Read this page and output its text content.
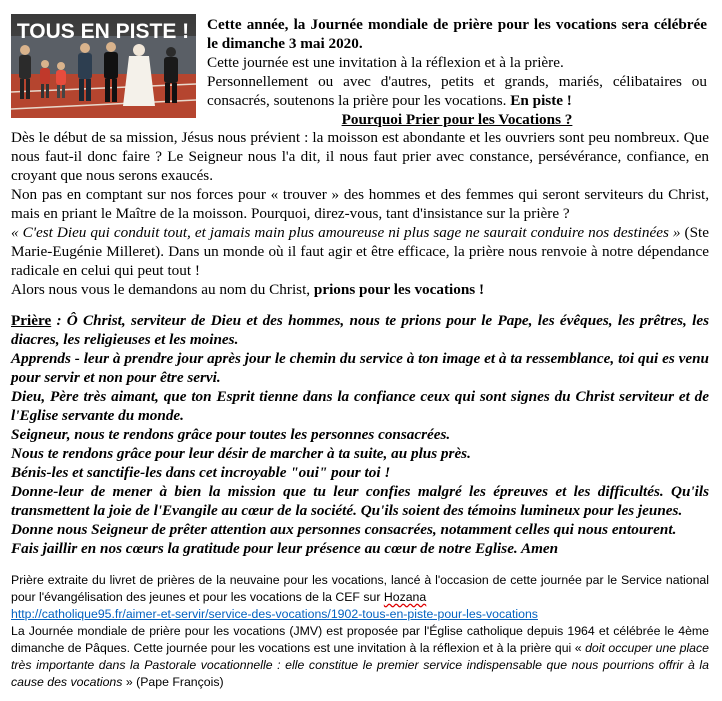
TOUS EN PISTE ! Cette année, la Journée mondiale de prière pour les vocations sera célébrée le dimanche 3 mai 2020.

Cette journée est une invitation à la réflexion et à la prière.

Personnellement ou avec d'autres, petits et grands, mariés, célibataires ou consacrés, soutenons la prière pour les vocations. En piste !

Pourquoi Prier pour les Vocations ?

Dès le début de sa mission, Jésus nous prévient : la moisson est abondante et les ouvriers sont peu nombreux. Que nous faut-il donc faire ? Le Seigneur nous l'a dit, il nous faut prier avec constance, persévérance, confiance, en croyant que nous serons exaucés.

Non pas en comptant sur nos forces pour « trouver » des hommes et des femmes qui seront serviteurs du Christ, mais en priant le Maître de la moisson. Pourquoi, direz-vous, tant d'insistance sur la prière ?

« C'est Dieu qui conduit tout, et jamais main plus amoureuse ni plus sage ne saurait conduire nos destinées » (Ste Marie-Eugénie Milleret). Dans un monde où il faut agir et être efficace, la prière nous renvoie à notre dépendance radicale en celui qui peut tout !

Alors nous vous le demandons au nom du Christ, prions pour les vocations !

Prière : Ô Christ, serviteur de Dieu et des hommes, nous te prions pour le Pape, les évêques, les prêtres, les diacres, les religieuses et les moines.

Apprends - leur à prendre jour après jour le chemin du service à ton image et à ta ressemblance, toi qui es venu pour servir et non pour être servi.

Dieu, Père très aimant, que ton Esprit tienne dans la confiance ceux qui sont signes du Christ serviteur et de l'Eglise servante du monde.

Seigneur, nous te rendons grâce pour toutes les personnes consacrées.

Nous te rendons grâce pour leur désir de marcher à ta suite, au plus près.

Bénis-les et sanctifie-les dans cet incroyable "oui" pour toi !

Donne-leur de mener à bien la mission que tu leur confies malgré les épreuves et les difficultés. Qu'ils transmettent la joie de l'Evangile au cœur de la société. Qu'ils soient des témoins lumineux pour les jeunes.

Donne nous Seigneur de prêter attention aux personnes consacrées, notamment celles qui nous entourent.

Fais jaillir en nos cœurs la gratitude pour leur présence au cœur de notre Eglise. Amen

Prière extraite du livret de prières de la neuvaine pour les vocations, lancé à l'occasion de cette journée par le Service national pour l'évangélisation des jeunes et pour les vocations de la CEF sur Hozana

http://catholique95.fr/aimer-et-servir/service-des-vocations/1902-tous-en-piste-pour-les-vocations

La Journée mondiale de prière pour les vocations (JMV) est proposée par l'Église catholique depuis 1964 et célébrée le 4ème dimanche de Pâques. Cette journée pour les vocations est une invitation à la réflexion et à la prière qui « doit occuper une place très importante dans la Pastorale vocationnelle : elle constitue le premier service indispensable que nous pourrions offrir à la cause des vocations » (Pape François)
